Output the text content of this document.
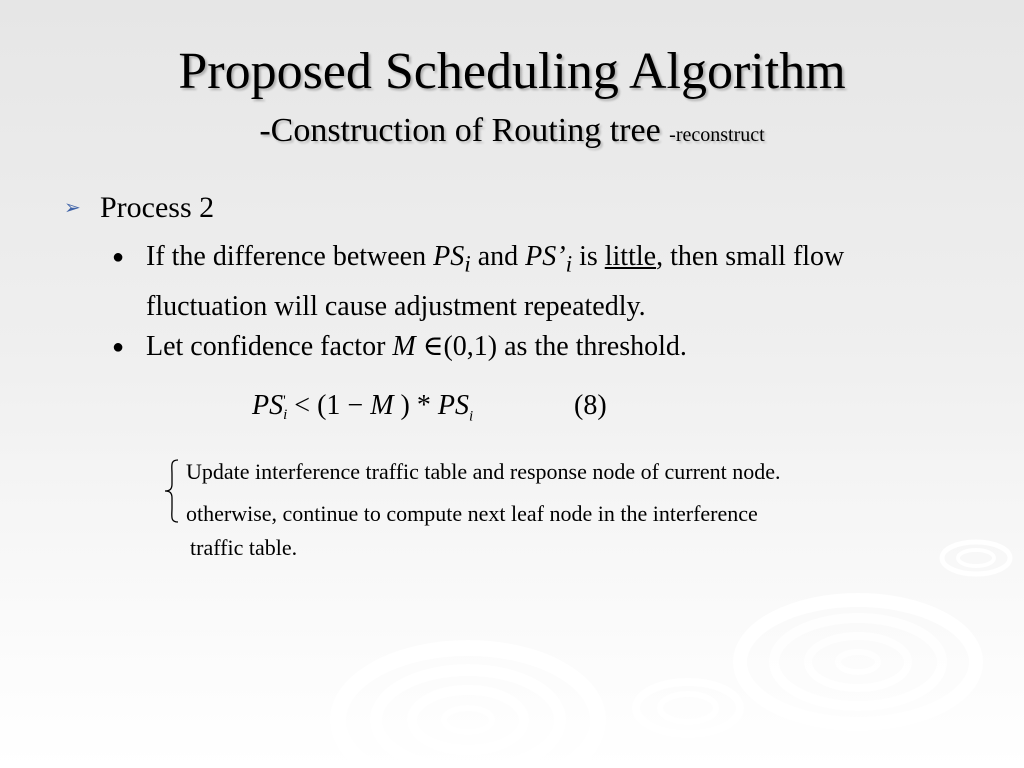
Proposed Scheduling Algorithm
-Construction of Routing tree -reconstruct
➢ Process 2
● If the difference between $PS_i$ and $PS’_i$ is little, then small flow fluctuation will cause adjustment repeatedly.
● Let confidence factor M ∈(0,1) as the threshold.
PS '
i < (1 − M ) * $PS_i$	(8)
Update interference traffic table and response node of current node.
otherwise, continue to compute next leaf node in the interference
traffic table.
